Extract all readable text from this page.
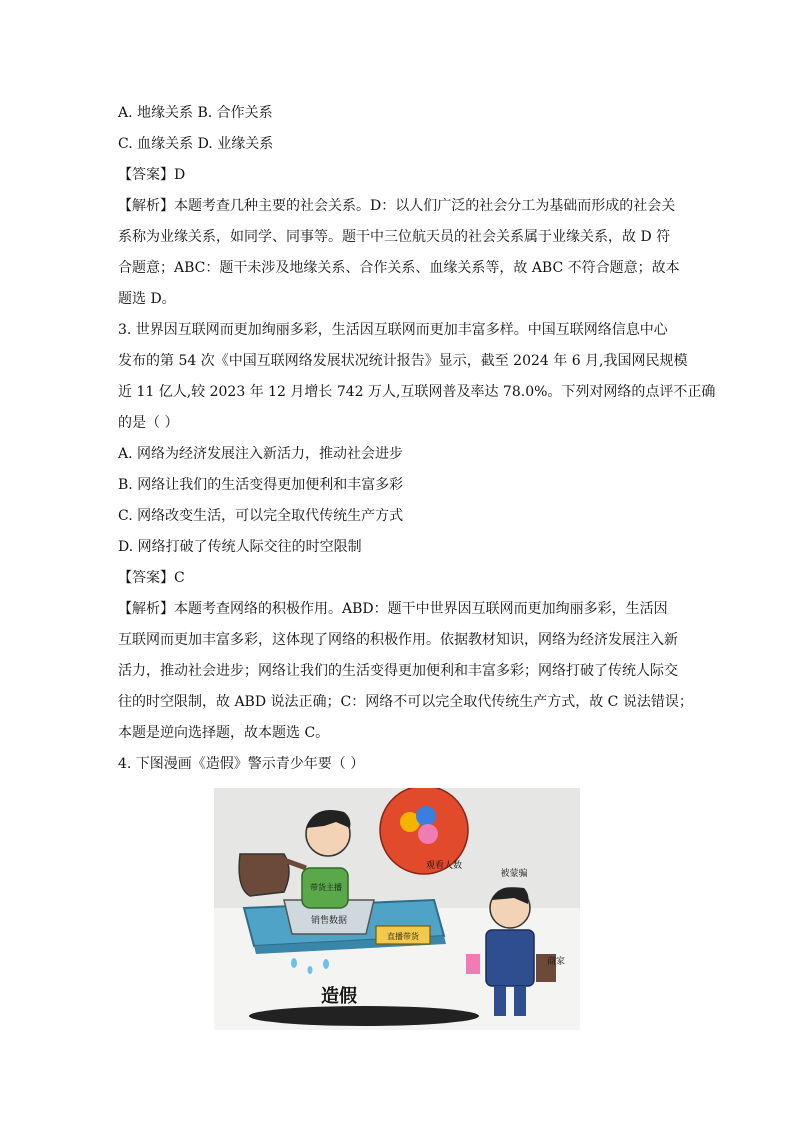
A. 地缘关系 B. 合作关系
C. 血缘关系 D. 业缘关系
【答案】D
【解析】本题考查几种主要的社会关系。D：以人们广泛的社会分工为基础而形成的社会关
系称为业缘关系，如同学、同事等。题干中三位航天员的社会关系属于业缘关系，故 D 符
合题意；ABC：题干未涉及地缘关系、合作关系、血缘关系等，故 ABC 不符合题意；故本
题选 D。
3. 世界因互联网而更加绚丽多彩，生活因互联网而更加丰富多样。中国互联网络信息中心
发布的第 54 次《中国互联网络发展状况统计报告》显示，截至 2024 年 6 月,我国网民规模
近 11 亿人,较 2023 年 12 月增长 742 万人,互联网普及率达 78.0%。下列对网络的点评不正确
的是（ ）
A. 网络为经济发展注入新活力，推动社会进步
B. 网络让我们的生活变得更加便利和丰富多彩
C. 网络改变生活，可以完全取代传统生产方式
D. 网络打破了传统人际交往的时空限制
【答案】C
【解析】本题考查网络的积极作用。ABD：题干中世界因互联网而更加绚丽多彩，生活因
互联网而更加丰富多彩，这体现了网络的积极作用。依据教材知识，网络为经济发展注入新
活力，推动社会进步；网络让我们的生活变得更加便利和丰富多彩；网络打破了传统人际交
往的时空限制，故 ABD 说法正确；C：网络不可以完全取代传统生产方式，故 C 说法错误；
本题是逆向选择题，故本题选 C。
4. 下图漫画《造假》警示青少年要（ ）
销售数据
带货主播
观看人数
直播带货
被蒙骗
商家
造假
